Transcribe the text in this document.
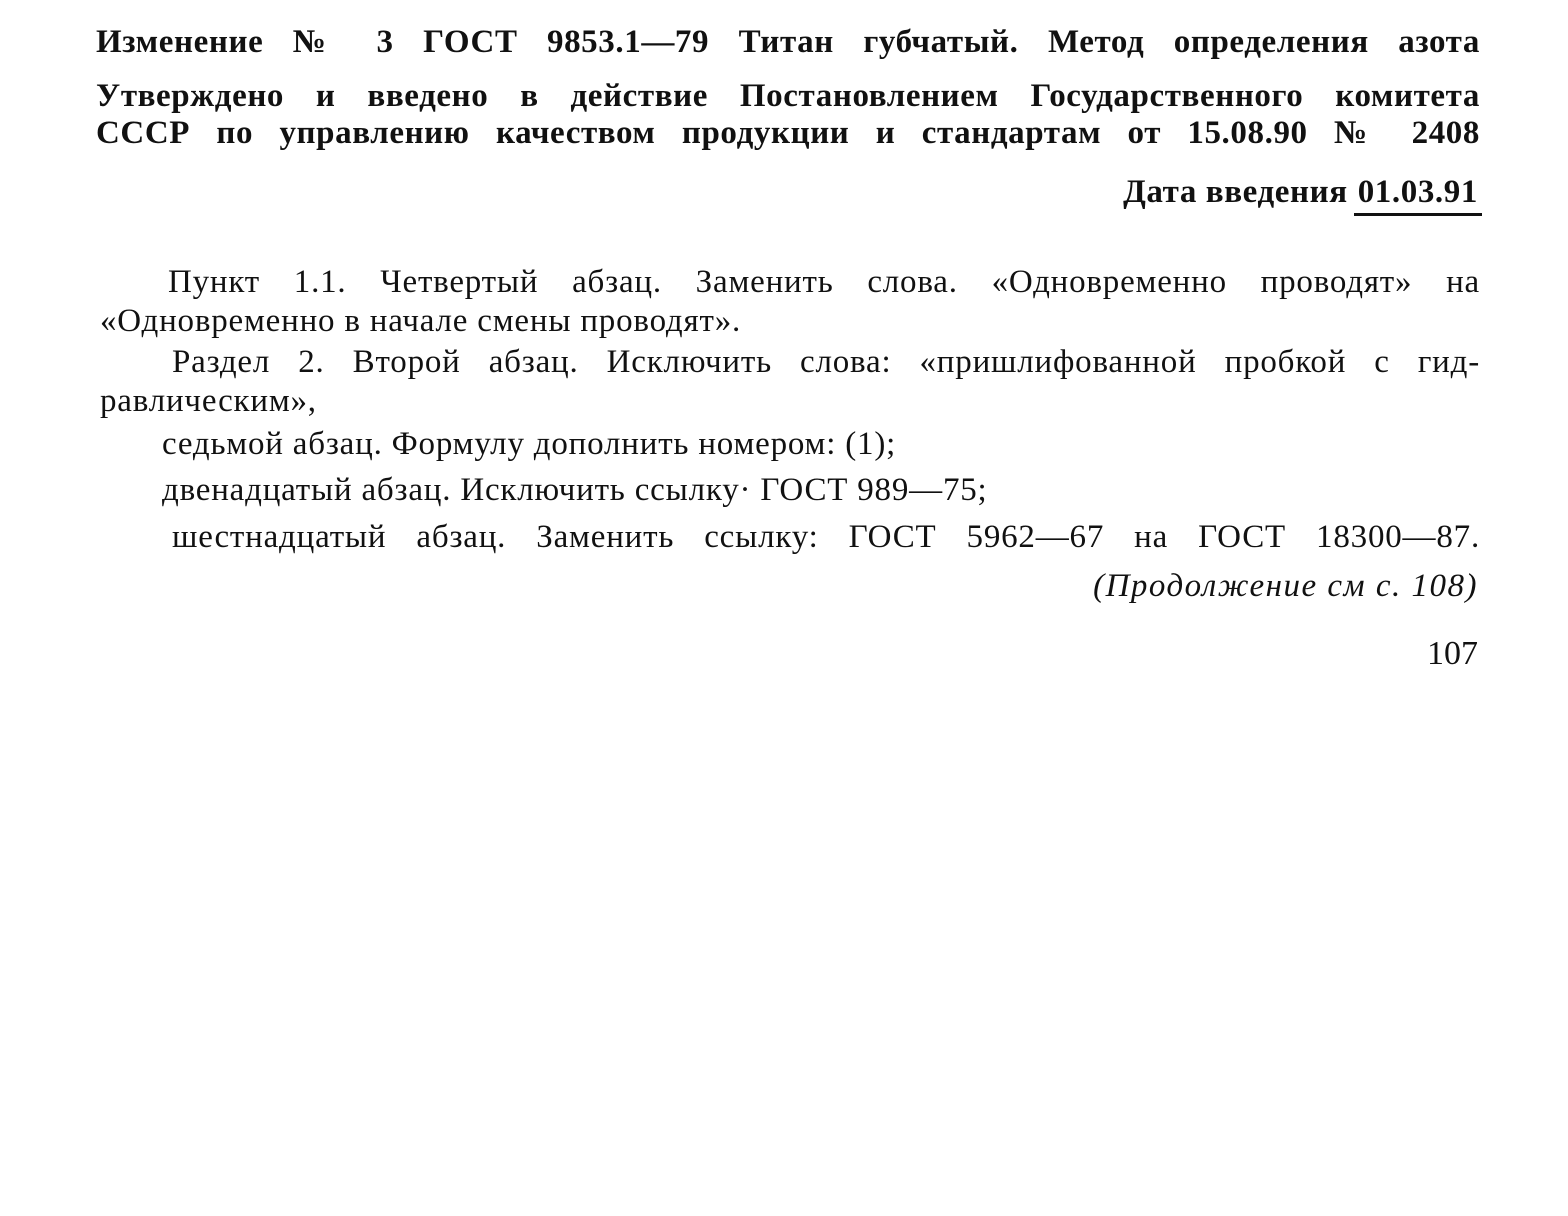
Изменение № 3 ГОСТ 9853.1—79 Титан губчатый. Метод определения азота
Утверждено и введено в действие Постановлением Государственного комитета
СССР по управлению качеством продукции и стандартам от 15.08.90 № 2408
Дата введения 01.03.91
Пункт 1.1. Четвертый абзац. Заменить слова. «Одновременно проводят» на
«Одновременно в начале смены проводят».
Раздел 2. Второй абзац. Исключить слова: «пришлифованной пробкой с гид-
равлическим»,
седьмой абзац. Формулу дополнить номером: (1);
двенадцатый абзац. Исключить ссылку· ГОСТ 989—75;
шестнадцатый абзац. Заменить ссылку: ГОСТ 5962—67 на ГОСТ 18300—87.
(Продолжение см с. 108)
107
